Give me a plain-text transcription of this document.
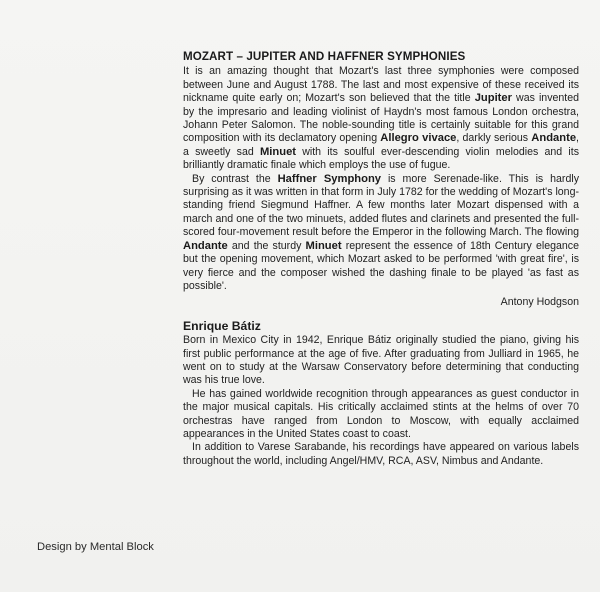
MOZART – JUPITER AND HAFFNER SYMPHONIES

It is an amazing thought that Mozart's last three symphonies were composed between June and August 1788. The last and most expensive of these received its nickname quite early on; Mozart's son believed that the title Jupiter was invented by the impresario and leading violinist of Haydn's most famous London orchestra, Johann Peter Salomon. The noble-sounding title is certainly suitable for this grand composition with its declamatory opening Allegro vivace, darkly serious Andante, a sweetly sad Minuet with its soulful ever-descending violin melodies and its brilliantly dramatic finale which employs the use of fugue.

By contrast the Haffner Symphony is more Serenade-like. This is hardly surprising as it was written in that form in July 1782 for the wedding of Mozart's long-standing friend Siegmund Haffner. A few months later Mozart dispensed with a march and one of the two minuets, added flutes and clarinets and presented the full-scored four-movement result before the Emperor in the following March. The flowing Andante and the sturdy Minuet represent the essence of 18th Century elegance but the opening movement, which Mozart asked to be performed 'with great fire', is very fierce and the composer wished the dashing finale to be played 'as fast as possible'.

Antony Hodgson
Enrique Bátiz

Born in Mexico City in 1942, Enrique Bátiz originally studied the piano, giving his first public performance at the age of five. After graduating from Julliard in 1965, he went on to study at the Warsaw Conservatory before determining that conducting was his true love.

He has gained worldwide recognition through appearances as guest conductor in the major musical capitals. His critically acclaimed stints at the helms of over 70 orchestras have ranged from London to Moscow, with equally acclaimed appearances in the United States coast to coast.

In addition to Varese Sarabande, his recordings have appeared on various labels throughout the world, including Angel/HMV, RCA, ASV, Nimbus and Andante.

Design by Mental Block
